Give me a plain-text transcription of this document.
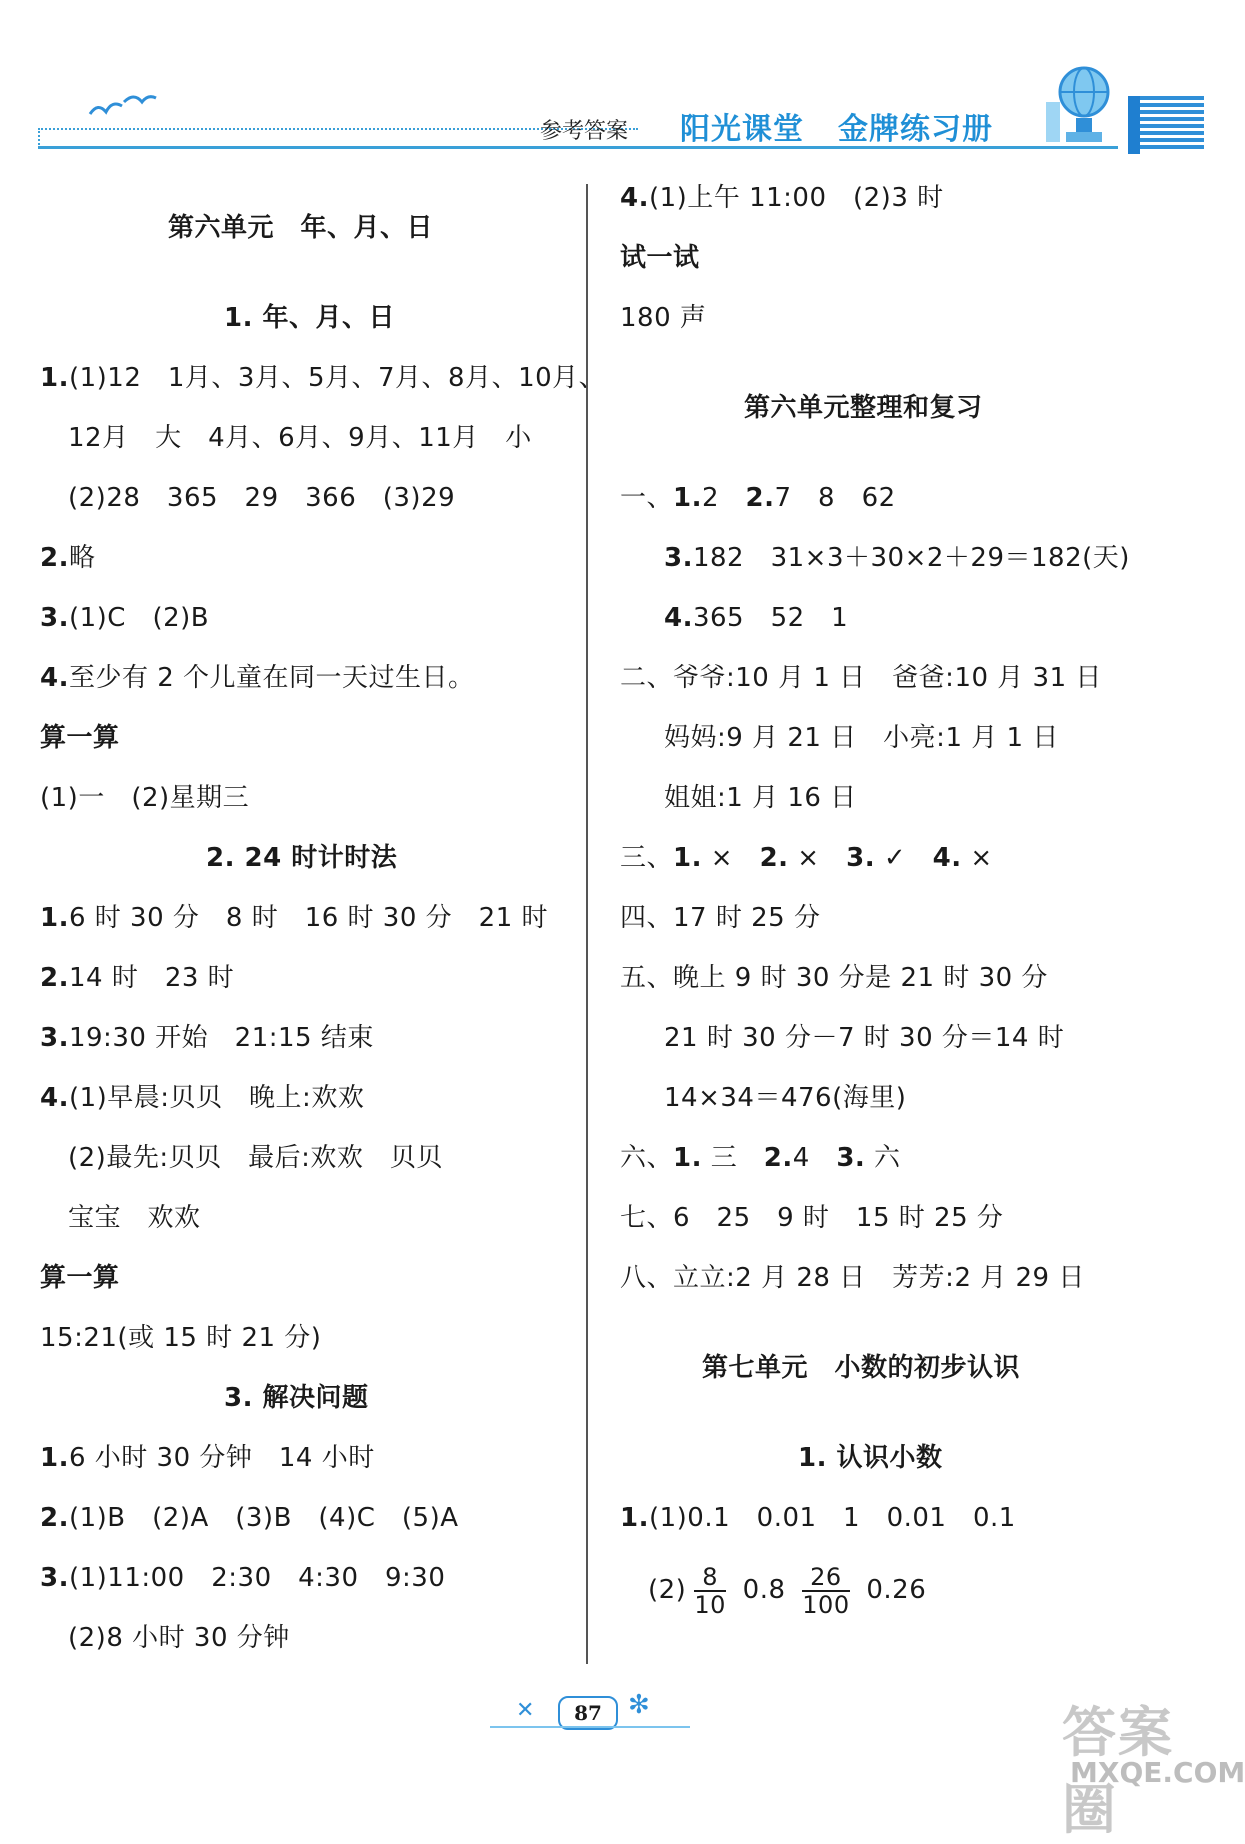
参考答案 阳光课堂 金牌练习册
第六单元　年、月、日
1. 年、月、日
1.(1)12　1月、3月、5月、7月、8月、10月、
12月　大　4月、6月、9月、11月　小
(2)28　365　29　366　(3)29
2.略
3.(1)C　(2)B
4.至少有 2 个儿童在同一天过生日。
算一算
(1)一　(2)星期三
2. 24 时计时法
1.6 时 30 分　8 时　16 时 30 分　21 时
2.14 时　23 时
3.19:30 开始　21:15 结束
4.(1)早晨:贝贝　晚上:欢欢
(2)最先:贝贝　最后:欢欢　贝贝
宝宝　欢欢
算一算
15:21(或 15 时 21 分)
3. 解决问题
1.6 小时 30 分钟　14 小时
2.(1)B　(2)A　(3)B　(4)C　(5)A
3.(1)11:00　2:30　4:30　9:30
(2)8 小时 30 分钟
4.(1)上午 11:00　(2)3 时
试一试
180 声
第六单元整理和复习
一、1.2　 2.7　8　62
3.182　31×3＋30×2＋29＝182(天)
4.365　52　1
二、爷爷:10 月 1 日　爸爸:10 月 31 日
妈妈:9 月 21 日　小亮:1 月 1 日
姐姐:1 月 16 日
三、1. ×　 2. ×　 3. ✓　 4. ×
四、17 时 25 分
五、晚上 9 时 30 分是 21 时 30 分
21 时 30 分－7 时 30 分＝14 时
14×34＝476(海里)
六、1. 三　 2.4　 3. 六
七、6　25　9 时　15 时 25 分
八、立立:2 月 28 日　芳芳:2 月 29 日
第七单元　小数的初步认识
1. 认识小数
1.(1)0.1　0.01　1　0.01　0.1
$(2) \frac{8}{10} 0.8 \frac{26}{100} 0.26$
✕	87	✻	答案圈
MXQE.COM
